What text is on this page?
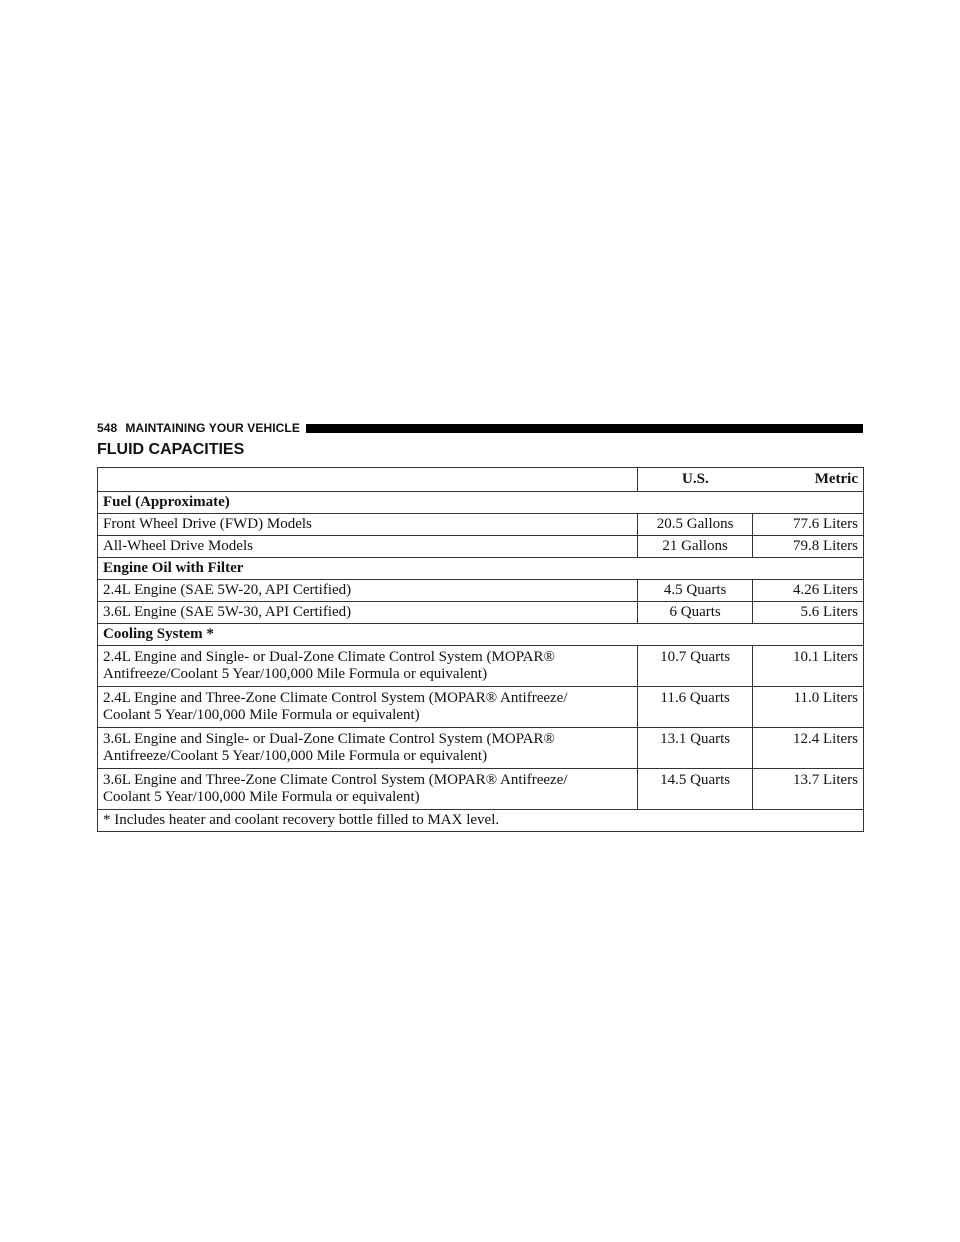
548 MAINTAINING YOUR VEHICLE
FLUID CAPACITIES
	U.S.	Metric
Fuel (Approximate)		
Front Wheel Drive (FWD) Models	20.5 Gallons	77.6 Liters
All-Wheel Drive Models	21 Gallons	79.8 Liters
Engine Oil with Filter		
2.4L Engine (SAE 5W-20, API Certified)	4.5 Quarts	4.26 Liters
3.6L Engine (SAE 5W-30, API Certified)	6 Quarts	5.6 Liters
Cooling System *		
2.4L Engine and Single- or Dual-Zone Climate Control System (MOPAR®
Antifreeze/Coolant 5 Year/100,000 Mile Formula or equivalent)	10.7 Quarts	10.1 Liters
2.4L Engine and Three-Zone Climate Control System (MOPAR® Antifreeze/
Coolant 5 Year/100,000 Mile Formula or equivalent)	11.6 Quarts	11.0 Liters
3.6L Engine and Single- or Dual-Zone Climate Control System (MOPAR®
Antifreeze/Coolant 5 Year/100,000 Mile Formula or equivalent)	13.1 Quarts	12.4 Liters
3.6L Engine and Three-Zone Climate Control System (MOPAR® Antifreeze/
Coolant 5 Year/100,000 Mile Formula or equivalent)	14.5 Quarts	13.7 Liters
* Includes heater and coolant recovery bottle filled to MAX level.		
